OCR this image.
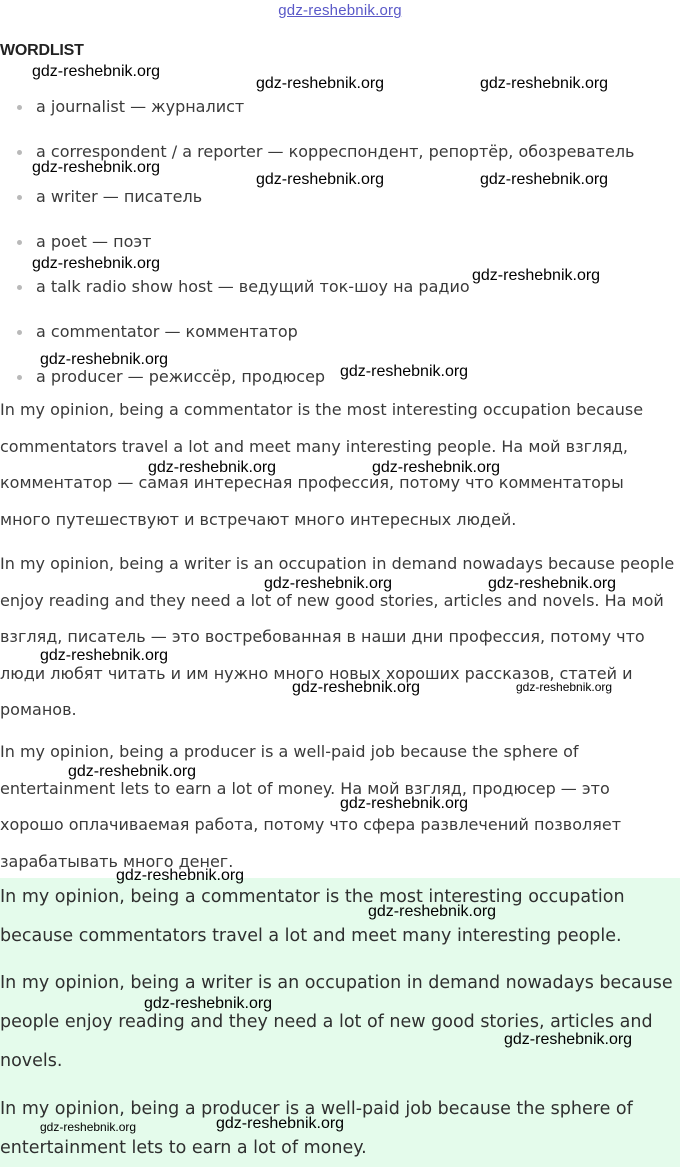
gdz-reshebnik.org
WORDLIST
a journalist — журналист
a correspondent / a reporter — корреспондент, репортёр, обозреватель
a writer — писатель
a poet — поэт
a talk radio show host — ведущий ток-шоу на радио
a commentator — комментатор
a producer — режиссёр, продюсер

In my opinion, being a commentator is the most interesting occupation because commentators travel a lot and meet many interesting people. На мой взгляд, комментатор — самая интересная профессия, потому что комментаторы много путешествуют и встречают много интересных людей.

In my opinion, being a writer is an occupation in demand nowadays because people enjoy reading and they need a lot of new good stories, articles and novels. На мой взгляд, писатель — это востребованная в наши дни профессия, потому что люди любят читать и им нужно много новых хороших рассказов, статей и романов.

In my opinion, being a producer is a well-paid job because the sphere of entertainment lets to earn a lot of money. На мой взгляд, продюсер — это хорошо оплачиваемая работа, потому что сфера развлечений позволяет зарабатывать много денег.

In my opinion, being a commentator is the most interesting occupation because commentators travel a lot and meet many interesting people.

In my opinion, being a writer is an occupation in demand nowadays because people enjoy reading and they need a lot of new good stories, articles and novels.

In my opinion, being a producer is a well-paid job because the sphere of entertainment lets to earn a lot of money.

gdz-reshebnik.org
gdz-reshebnik.org	gdz-reshebnik.org
gdz-reshebnik.org
gdz-reshebnik.org	gdz-reshebnik.org
gdz-reshebnik.org
gdz-reshebnik.org
gdz-reshebnik.org
gdz-reshebnik.org
gdz-reshebnik.org	gdz-reshebnik.org
gdz-reshebnik.org	gdz-reshebnik.org
gdz-reshebnik.org
gdz-reshebnik.org	gdz-reshebnik.org
gdz-reshebnik.org
gdz-reshebnik.org
gdz-reshebnik.org
gdz-reshebnik.org
gdz-reshebnik.org
gdz-reshebnik.org
gdz-reshebnik.org	gdz-reshebnik.org
